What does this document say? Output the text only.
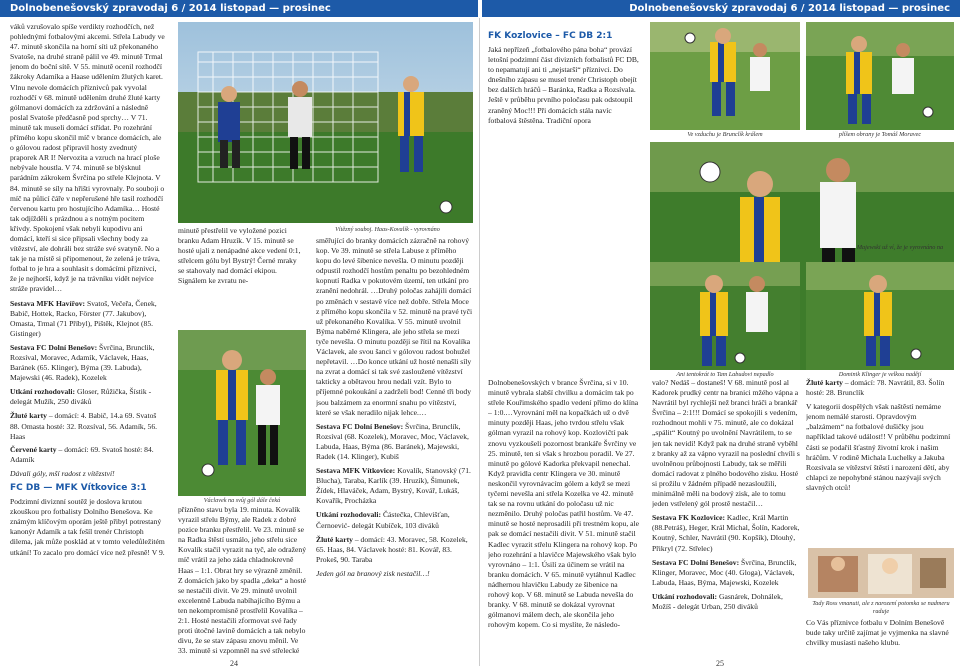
Dolnobenešovský zpravodaj 6 / 2014 listopad — prosinec	Dolnobenešovský zpravodaj 6 / 2014 listopad — prosinec

váků vzrušovalo spíše verdikty rozhodčích, než pohlednými fotbalovými akcemi. Střela Labudy ve 47. minutě skončila na horní síti už překonaného Svatoše, na druhé straně pálil ve 49. minutě Trmal jenom do boční sítě. V 55. minutě ocenil rozhodčí žákroky Adamíka a Haase udělením žlutých karet. Vlnu nevole domácích příznivců pak vyvolal rozhodčí v 68. minutě udělením druhé žluté karty gólmanovi domácích za zdržování a následně poslal Svatoše předčasně pod sprchy… V 71. minutě tak museli domácí střídat. Po rozehrání přímého kopu skončil míč v brance domácích, ale o gólovou radost připravil hosty zvednutý praporek AR I! Nervozita a vzruch na hrací ploše nebývale houstla. V 74. minutě se blýsknul parádním zákrokem Švrčina po střele Klejnota. V 84. minutě se síly na hřišti vyrovnaly. Po souboji o míč na půlicí čáře v nepřerušené hře tasil rozhodčí červenou kartu pro hostujícího Adamíka… Hosté tak odjížděli s prázdnou a s notným pocitem křivdy. Spokojení však nebyli kupodivu ani domácí, kteří si sice připsali všechny body za vítězství, ale dohráli bez stráže své svatyně. No a tak je na místě si připomenout, že zelená je tráva, fotbal to je hra a souhlasit s domácími příznivci, že je nejhorší, když je na trávníku vidět nejvíce stráže pravidel…

Sestava MFK Havířov: Svatoš, Večeřa, Čenek, Babič, Hottek, Racko, Förster (77. Jakubov), Omasta, Trmal (71 Příbyl), Pištěk, Klejnot (85. Gistinger)

Sestava FC Dolní Benešov: Švrčina, Brunclik, Rozsíval, Moravec, Adamík, Václavek, Haas, Baránek (65. Klinger), Býma (39. Labuda), Majewski (46. Radek), Kozelek

Utkání rozhodovali: Gloser, Růžička, Šístik - delegát Mužík, 250 diváků

Žluté karty – domácí: 4. Babič, 14.a 69. Svatoš 88. Omasta hosté: 32. Rozsíval, 56. Adamík, 56. Haas

Červené karty – domácí: 69. Svatoš hosté: 84. Adamík

Dávali góly, mší radost z vítězství!

FC DB — MFK Vítkovice 3:1

Podzimní diviznní soutěž je doslova krutou zkouškou pro fotbalisty Dolního Benešova. Ke známým klíčovým oporám ještě přibyl potrestaný kanonýr Adamík a tak fešíl trenér Christoph dilema, jak může posklád at v tomto veledůležitém utkání! To zacalo pro domácí více než přesně! V 9.

Vítězný souboj. Haas-Kovalík - vyrovnáno
Václavek na svůj gól dále čeká

minutě přestřelil ve vyložené pozici branku Adam Hruzík. V 15. minutě se hosté ujali z nenápadné akce vedení 0:1, střelcem gólu byl Bystrý! Černé mraky se stahovaly nad domácí ekipou. Signálem ke zvratu ne-

přízněno stavu byla 19. minuta. Kovalík vyrazil střelu Býmy, ale Radek z dobré pozice branku přestřelil. Ve 23. minutě se na Radka štěstí usmálo, jeho střelu sice Kovalík stačil vyrazit na tyč, ale odražený míč vrátil za jeho záda chladnokrevně Haas – 1:1. Obrat hry se výrazně změnil. Z domácích jako by spadla „deka“ a hosté se nestačili divit. Ve 29. minutě uvolnil excelentně Labuda nabíhajícího Býmu a ten nekompromisně prostřelil Kovalíka – 2:1. Hosté nestačili zformovat své řady proti útočné lavině domácích a tak nebylo divu, že se stav zápasu znovu měnil. Ve 33. minutě si vzpomněl na své střelecké

směřující do branky domácích zázračně na rohový kop. Ve 39. minutě se střela Labuse z příměho kopu do levé šibenice nevešla. O minutu později odpustil rozhodčí hostům penaltu po bezohledném kopnutí Radka v pokutovém území, ten utkání pro zranění nedohrál. …Druhý poločas zahájili domácí po změnách v sestavě více než dobře. Střela Moce z přímého kopu skončila v 52. minutě na pravé tyči už překonaného Kovalíka. V 55. minutě uvolnil Býma naběrné Klingera, ale jeho střela se mezi tyče nevešla. O minutu později se řítil na Kovalíka Václavek, ale svou šanci v gólovou radost bohužel nepřetavil. …Do konce utkání už hosté nenašli síly na zvrat a domácí si tak své zasloužené vítězství takticky a obětavou hrou nedali vzít. Bylo to příjemné pokoukání a zadrželi bod! Cenné tři body jsou balzámem za enormní snahu po vítězství, které se však neradilo nijak lehce.…

Sestava FC Dolní Benešov: Švrčina, Brunclík, Rozsíval (68. Kozelek), Moravec, Moc, Václavek, Labuda, Haas, Býma (86. Baránek), Majewski, Radek (14. Klinger), Kubiš

Sestava MFK Vítkovice: Kovalík, Stanovský (71. Blucha), Taraba, Karlík (39. Hruzík), Šimunek, Žídek, Hlaváček, Adam, Bystrý, Kovář, Lukáš, Kovařík, Procházka

Utkání rozhodovali: Částečka, Chlevišťan, Černoević- delegát Kubíček, 103 diváků

Žluté karty – domácí: 43. Moravec, 58. Kozelek, 65. Haas, 84. Václavek hosté: 81. Kovář, 83. Prokeš, 90. Taraba

Jeden gól na branový zisk nestačil…!

24
FK Kozlovice – FC DB 2:1

Jaká nepřízeň „fotbalového pána boha“ provází letošní podzimní část divizních fotbalistů FC DB, to nepamatují ani ti „nejstarší“ příznivci. Do dnešního zápasu se musel trenér Christoph obejít bez dalších hráčů – Baránka, Radka a Rozsívala. Ještě v průběhu prvního poločasu pak odstoupil zraněný Moc!!! Při domácích stála navíc fotbalová štěstěna. Tradiční opora

Ve vzduchu je Brunclík králem	plíšem obrany je Tomáš Moravec
Majewski už ví, že je vyrovnáno na
Ani tentokrát to Tam Labudovi nepadlo	Dominik Klinger je velkou nadějí

Dolnobenešovských v brance Švrčina, si v 10. minutě vybrala slabší chvilku a domácím tak po střele Kouřimského spadlo vedení přímo do klína – 1:0.…Vyrovnání měl na kopačkách už o dvě minuty později Haas, jeho tvrdou střelu však gólman vyrazil na rohový kop. Kozlovičtí pak znovu vyzkoušeli pozornost brankáře Švrčiny ve 25. minutě, ten si však s hrozbou poradil. Ve 27. minutě po gólové Kadorka překvapil nenechal. Když pravidla centr Klingera ve 30. minutě neskončil vyrovnávacím gólem a když se mezi tyčemi nevešla ani střela Kozelka ve 42. minutě tak se na rovnu utkání do poločasu už nic nezměnilo. Druhý poločas patřil hostům. Ve 47. minutě se hosté neprosadili při trestném kopu, ale pak se domácí nestačili divit. V 51. minutě stačil Kadlec vyrazit střelu Klingera na rohový kop. Po jeho rozehrání a hlavičce Majewského však bylo vyrovnáno – 1:1. Úsilí za účinem se vrátil na branku domácích. V 65. minutě vytáhnul Kadlec nádhernou hlavičku Labudy ze šibenice na rohový kop. V 68. minutě se Labuda nevešla do branky. V 68. minutě se dokázal vyrovnat gólmanovi málem dech, ale skončila jeho rohovým kopem. Co si myslíte, že následo-

valo? Nedáš – dostaneš! V 68. minutě posl al Kadorek prudký centr na branici mžého vápna a Navrátil byl rychlejší než branci hráči a brankář Švrčina – 2:1!!! Domácí se spokojili s vedením, rozhodnout mohli v 75. minutě, ale co dokázal „spálit“ Koutný po uvolnění Navrátilem, to se jen tak nevidí! Když pak na druhé straně vyběhl z branky až za vápno vyrazil na poslední chvíli s uvolněnou průbojnosti Labudy, tak se měřili domácí radovat z plného bodového zisku. Hosté si prožilu v žádném případě nezasloužili, minimálně měli na bodový zisk, ale to tomu jeden vstřelený gól prostě nestačil…

Sestava FK Kozlovice: Kadlec, Král Martin (88.Petráš), Heger, Král Michal, Šolín, Kadorek, Koutný, Schler, Navrátil (90. Kopšík), Dlouhý, Přikryl (72. Střelec)

Sestava FC Dolní Benešov: Švrčina, Brunclík, Klinger, Moravec, Moc (40. Gloga), Václavek, Labuda, Haas, Býma, Majewski, Kozelek

Utkání rozhodovali: Gasnárek, Dohnálek, Možíš - delegát Urban, 250 diváků

Žluté karty – domácí: 78. Navrátil, 83. Šolín hosté: 28. Brunclík

V kategorii dospělých však naštěstí nemáme jenom nemálé starosti. Opravdovým „balzámem“ na fotbalové dušičky jsou například takové událost!! V průběhu podzimní části se podařil šťastný životní krok i našim hráčům. V rodině Michala Luchelky a Jakuba Rozsívala se vítězství štěstí i narození dětí, aby chlapci ze nepohybné stánou nazývají svých slavných otců!

Tady Ross vmanuti, ale z narození potomka se nadmeru raduje

Co Vás příznivce fotbalu v Dolním Benešově bude taky určitě zajímat je vyjmenka na slavné chvilky musíasti našeho klubu.

25
